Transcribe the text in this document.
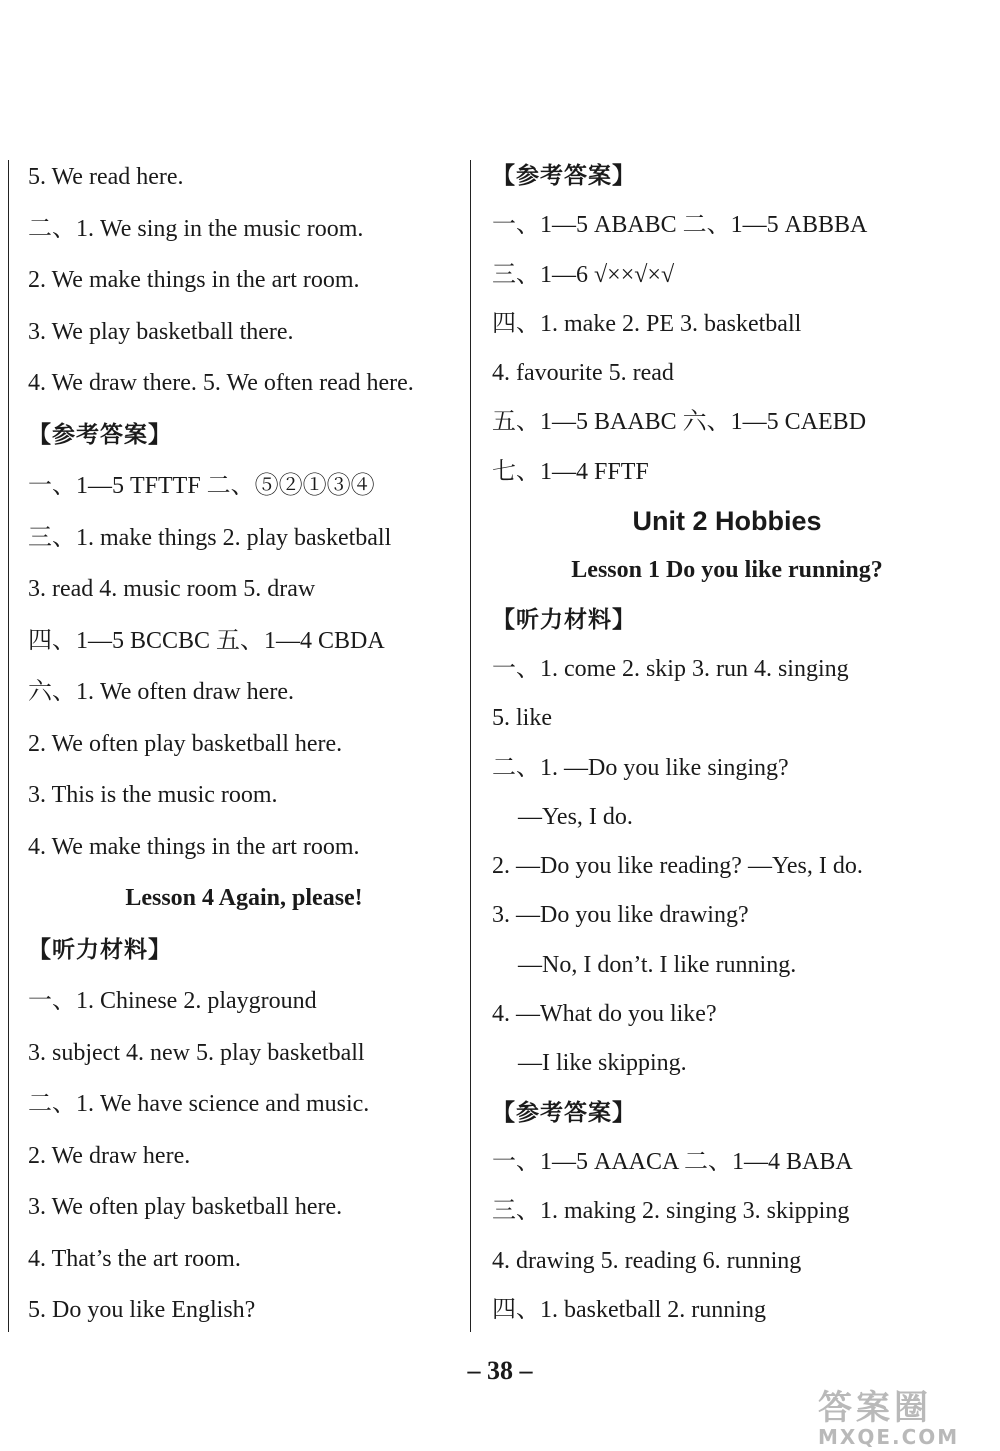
5. We read here.
二、1. We sing in the music room.
2. We make things in the art room.
3. We play basketball there.
4. We draw there. 5. We often read here.
【参考答案】
一、1—5 TFTTF 二、⑤②①③④
三、1. make things 2. play basketball
3. read 4. music room 5. draw
四、1—5 BCCBC 五、1—4 CBDA
六、1. We often draw here.
2. We often play basketball here.
3. This is the music room.
4. We make things in the art room.
Lesson 4 Again, please!
【听力材料】
一、1. Chinese 2. playground
3. subject 4. new 5. play basketball
二、1. We have science and music.
2. We draw here.
3. We often play basketball here.
4. That’s the art room.
5. Do you like English?
【参考答案】
一、1—5 ABABC 二、1—5 ABBBA
三、1—6 √××√×√
四、1. make 2. PE 3. basketball
4. favourite 5. read
五、1—5 BAABC 六、1—5 CAEBD
七、1—4 FFTF
Unit 2 Hobbies
Lesson 1 Do you like running?
【听力材料】
一、1. come 2. skip 3. run 4. singing
5. like
二、1. —Do you like singing?
—Yes, I do.
2. —Do you like reading? —Yes, I do.
3. —Do you like drawing?
—No, I don’t. I like running.
4. —What do you like?
—I like skipping.
【参考答案】
一、1—5 AAACA 二、1—4 BABA
三、1. making 2. singing 3. skipping
4. drawing 5. reading 6. running
四、1. basketball 2. running
– 38 –
答案圈
MXQE.COM
